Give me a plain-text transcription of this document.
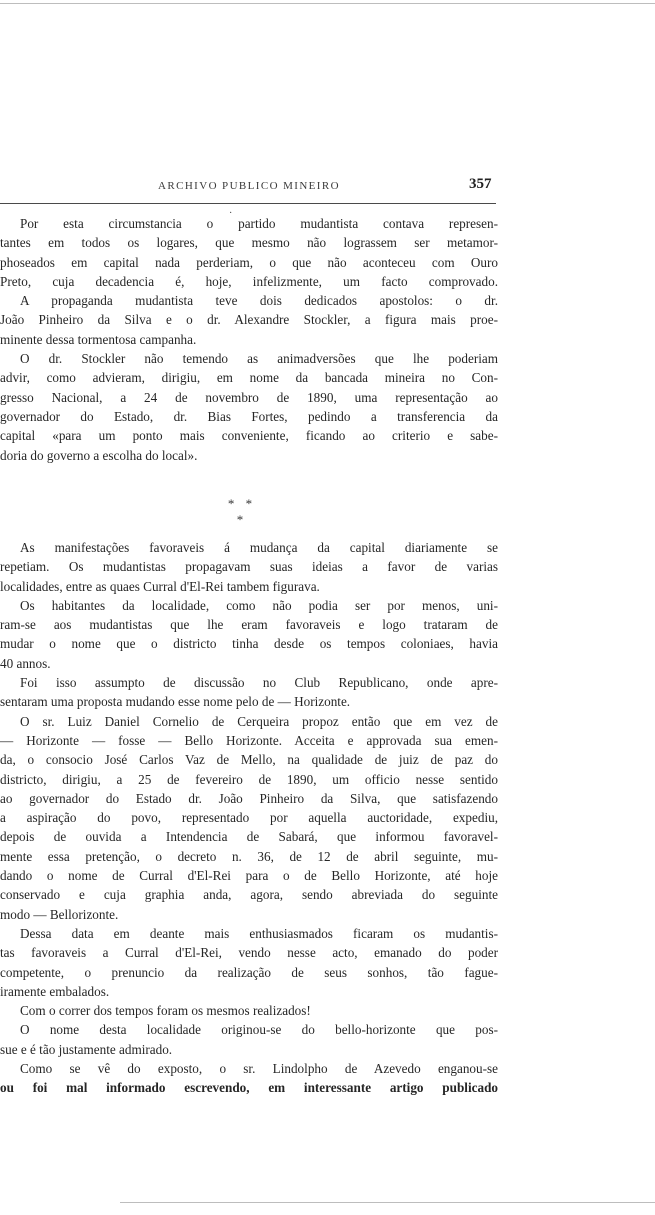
ARCHIVO PUBLICO MINEIRO	357
·
Por esta circumstancia o partido mudantista contava represen-
tantes em todos os logares, que mesmo não lograssem ser metamor-
phoseados em capital nada perderiam, o que não aconteceu com Ouro
Preto, cuja decadencia é, hoje, infelizmente, um facto comprovado.
A propaganda mudantista teve dois dedicados apostolos: o dr.
João Pinheiro da Silva e o dr. Alexandre Stockler, a figura mais proe-
minente dessa tormentosa campanha.
O dr. Stockler não temendo as animadversões que lhe poderiam
advir, como advieram, dirigiu, em nome da bancada mineira no Con-
gresso Nacional, a 24 de novembro de 1890, uma representação ao
governador do Estado, dr. Bias Fortes, pedindo a transferencia da
capital «para um ponto mais conveniente, ficando ao criterio e sabe-
doria do governo a escolha do local».
* * *
As manifestações favoraveis á mudança da capital diariamente se
repetiam. Os mudantistas propagavam suas ideias a favor de varias
localidades, entre as quaes Curral d'El-Rei tambem figurava.
Os habitantes da localidade, como não podia ser por menos, uni-
ram-se aos mudantistas que lhe eram favoraveis e logo trataram de
mudar o nome que o districto tinha desde os tempos coloniaes, havia
40 annos.
Foi isso assumpto de discussão no Club Republicano, onde apre-
sentaram uma proposta mudando esse nome pelo de — Horizonte.
O sr. Luiz Daniel Cornelio de Cerqueira propoz então que em vez de
— Horizonte — fosse — Bello Horizonte. Acceita e approvada sua emen-
da, o consocio José Carlos Vaz de Mello, na qualidade de juiz de paz do
districto, dirigiu, a 25 de fevereiro de 1890, um officio nesse sentido
ao governador do Estado dr. João Pinheiro da Silva, que satisfazendo
a aspiração do povo, representado por aquella auctoridade, expediu,
depois de ouvida a Intendencia de Sabará, que informou favoravel-
mente essa pretenção, o decreto n. 36, de 12 de abril seguinte, mu-
dando o nome de Curral d'El-Rei para o de Bello Horizonte, até hoje
conservado e cuja graphia anda, agora, sendo abreviada do seguinte
modo — Bellorizonte.
Dessa data em deante mais enthusiasmados ficaram os mudantis-
tas favoraveis a Curral d'El-Rei, vendo nesse acto, emanado do poder
competente, o prenuncio da realização de seus sonhos, tão fague-
iramente embalados.
Com o correr dos tempos foram os mesmos realizados!
O nome desta localidade originou-se do bello-horizonte que pos-
sue e é tão justamente admirado.
Como se vê do exposto, o sr. Lindolpho de Azevedo enganou-se
ou foi mal informado escrevendo, em interessante artigo publicado
